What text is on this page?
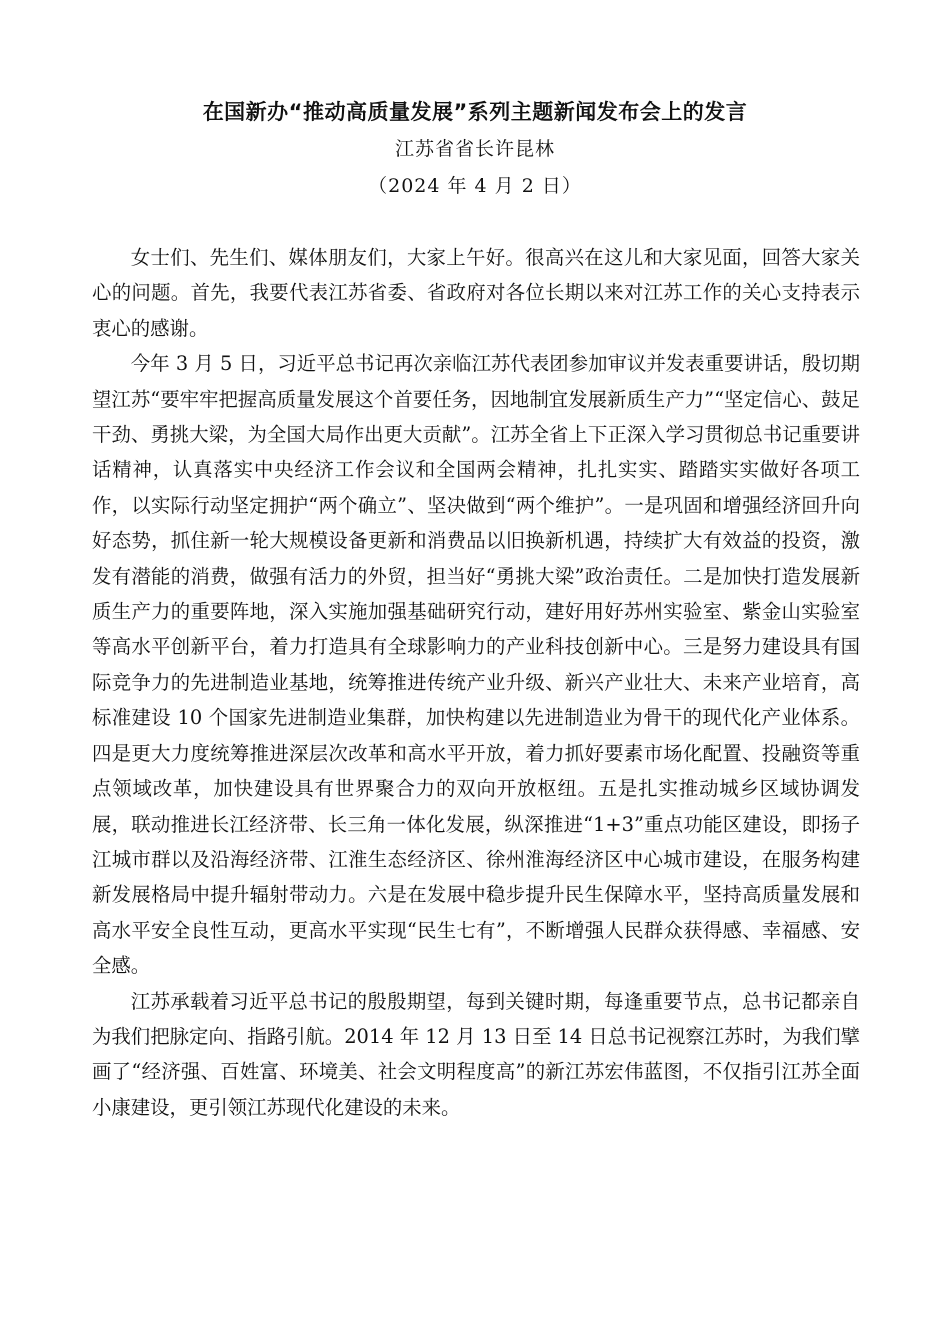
在国新办“推动高质量发展”系列主题新闻发布会上的发言
江苏省省长许昆林
（2024 年 4 月 2 日）

女士们、先生们、媒体朋友们，大家上午好。很高兴在这儿和大家见面，回答大家关心的问题。首先，我要代表江苏省委、省政府对各位长期以来对江苏工作的关心支持表示衷心的感谢。

今年 3 月 5 日，习近平总书记再次亲临江苏代表团参加审议并发表重要讲话，殷切期望江苏“要牢牢把握高质量发展这个首要任务，因地制宜发展新质生产力”“坚定信心、鼓足干劲、勇挑大梁，为全国大局作出更大贡献”。江苏全省上下正深入学习贯彻总书记重要讲话精神，认真落实中央经济工作会议和全国两会精神，扎扎实实、踏踏实实做好各项工作，以实际行动坚定拥护“两个确立”、坚决做到“两个维护”。一是巩固和增强经济回升向好态势，抓住新一轮大规模设备更新和消费品以旧换新机遇，持续扩大有效益的投资，激发有潜能的消费，做强有活力的外贸，担当好“勇挑大梁”政治责任。二是加快打造发展新质生产力的重要阵地，深入实施加强基础研究行动，建好用好苏州实验室、紫金山实验室等高水平创新平台，着力打造具有全球影响力的产业科技创新中心。三是努力建设具有国际竞争力的先进制造业基地，统筹推进传统产业升级、新兴产业壮大、未来产业培育，高标准建设 10 个国家先进制造业集群，加快构建以先进制造业为骨干的现代化产业体系。四是更大力度统筹推进深层次改革和高水平开放，着力抓好要素市场化配置、投融资等重点领域改革，加快建设具有世界聚合力的双向开放枢纽。五是扎实推动城乡区域协调发展，联动推进长江经济带、长三角一体化发展，纵深推进“1+3”重点功能区建设，即扬子江城市群以及沿海经济带、江淮生态经济区、徐州淮海经济区中心城市建设，在服务构建新发展格局中提升辐射带动力。六是在发展中稳步提升民生保障水平，坚持高质量发展和高水平安全良性互动，更高水平实现“民生七有”，不断增强人民群众获得感、幸福感、安全感。

江苏承载着习近平总书记的殷殷期望，每到关键时期，每逢重要节点，总书记都亲自为我们把脉定向、指路引航。2014 年 12 月 13 日至 14 日总书记视察江苏时，为我们擘画了“经济强、百姓富、环境美、社会文明程度高”的新江苏宏伟蓝图，不仅指引江苏全面小康建设，更引领江苏现代化建设的未来。
